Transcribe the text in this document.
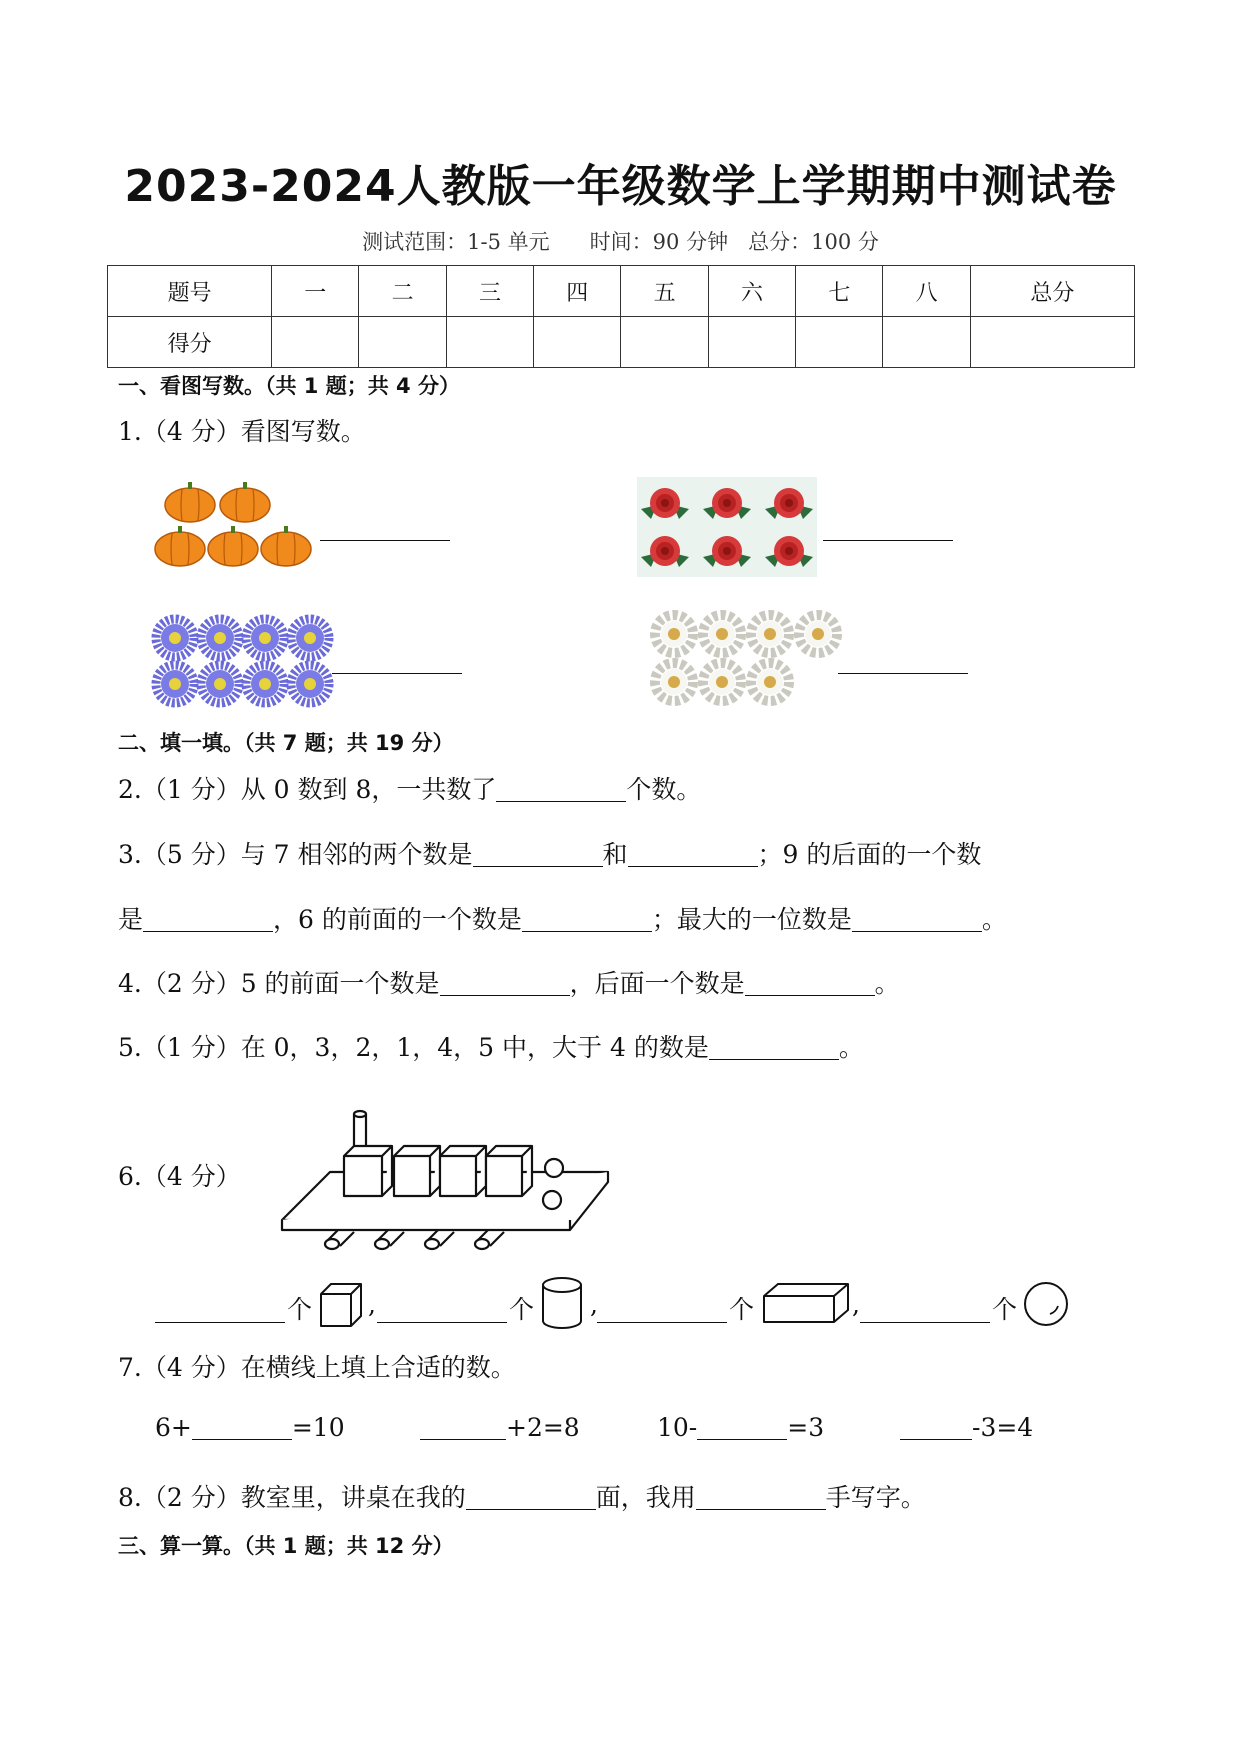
2023-2024人教版一年级数学上学期期中测试卷
测试范围：1-5 单元      时间：90 分钟   总分：100 分
题号	一	二	三	四	五	六	七	八	总分
得分									
一、看图写数。（共 1 题；共 4 分）
1.（4 分）看图写数。
二、填一填。（共 7 题；共 19 分）
2.（1 分）从 0 数到 8，一共数了	个数。
3.（5 分）与 7 相邻的两个数是	和	；9 的后面的一个数
是	，6 的前面的一个数是	；最大的一位数是	。
4.（2 分）5 的前面一个数是	，后面一个数是	。
5.（1 分）在 0，3，2，1，4，5 中，大于 4 的数是	。
6.（4 分）
个 ,	个 ,	个	,	个
7.（4 分）在横线上填上合适的数。
6+	=10	+2=8	10-	=3	-3=4
8.（2 分）教室里，讲桌在我的	面，我用	手写字。
三、算一算。（共 1 题；共 12 分）
